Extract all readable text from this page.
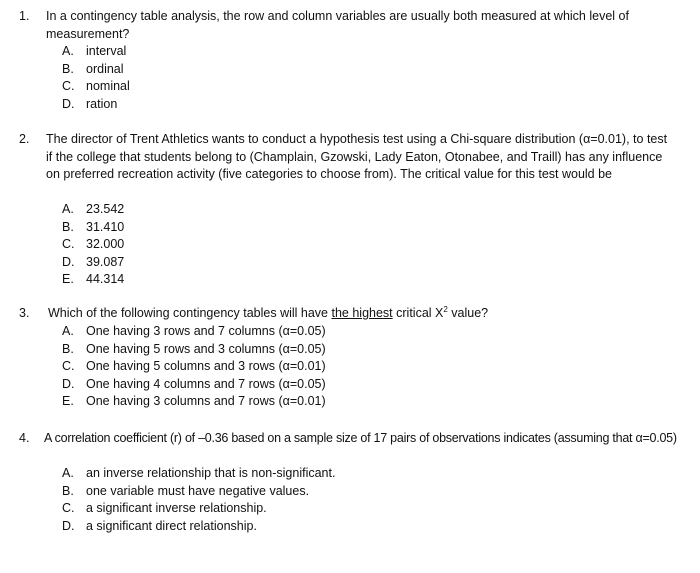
1. In a contingency table analysis, the row and column variables are usually both measured at which level of measurement?
A. interval
B. ordinal
C. nominal
D. ration
2. The director of Trent Athletics wants to conduct a hypothesis test using a Chi-square distribution (α=0.01), to test if the college that students belong to (Champlain, Gzowski, Lady Eaton, Otonabee, and Traill) has any influence on preferred recreation activity (five categories to choose from). The critical value for this test would be
A. 23.542
B. 31.410
C. 32.000
D. 39.087
E. 44.314
3. Which of the following contingency tables will have the highest critical $X^2$ value?
A. One having 3 rows and 7 columns (α=0.05)
B. One having 5 rows and 3 columns (α=0.05)
C. One having 5 columns and 3 rows (α=0.01)
D. One having 4 columns and 7 rows (α=0.05)
E. One having 3 columns and 7 rows (α=0.01)
4. A correlation coefficient (r) of –0.36 based on a sample size of 17 pairs of observations indicates (assuming that α=0.05)
A. an inverse relationship that is non-significant.
B. one variable must have negative values.
C. a significant inverse relationship.
D. a significant direct relationship.
